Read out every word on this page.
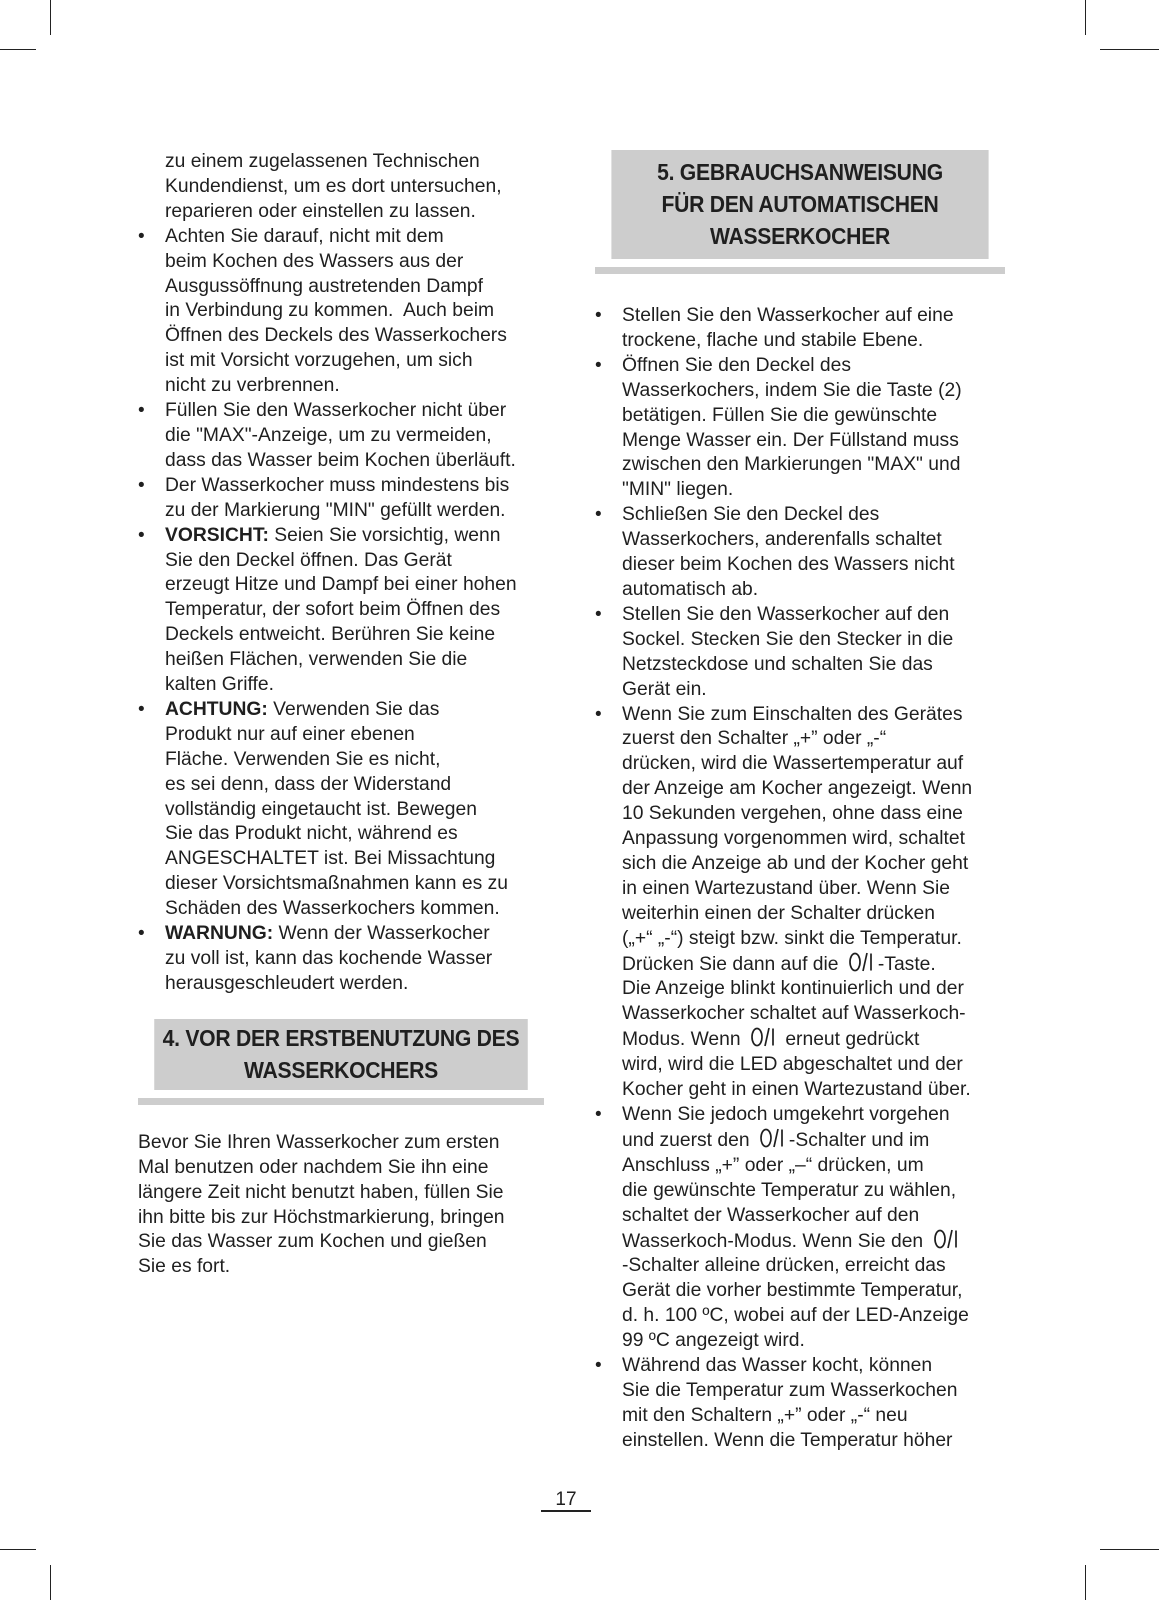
zu einem zugelassenen Technischen
Kundendienst, um es dort untersuchen,
reparieren oder einstellen zu lassen.
• Achten Sie darauf, nicht mit dem
beim Kochen des Wassers aus der
Ausgussöffnung austretenden Dampf
in Verbindung zu kommen.  Auch beim
Öffnen des Deckels des Wasserkochers
ist mit Vorsicht vorzugehen, um sich
nicht zu verbrennen.
• Füllen Sie den Wasserkocher nicht über
die "MAX"-Anzeige, um zu vermeiden,
dass das Wasser beim Kochen überläuft.
• Der Wasserkocher muss mindestens bis
zu der Markierung "MIN" gefüllt werden.
• VORSICHT: Seien Sie vorsichtig, wenn
Sie den Deckel öffnen. Das Gerät
erzeugt Hitze und Dampf bei einer hohen
Temperatur, der sofort beim Öffnen des
Deckels entweicht. Berühren Sie keine
heißen Flächen, verwenden Sie die
kalten Griffe.
• ACHTUNG: Verwenden Sie das
Produkt nur auf einer ebenen
Fläche. Verwenden Sie es nicht,
es sei denn, dass der Widerstand
vollständig eingetaucht ist. Bewegen
Sie das Produkt nicht, während es
ANGESCHALTET ist. Bei Missachtung
dieser Vorsichtsmaßnahmen kann es zu
Schäden des Wasserkochers kommen.
• WARNUNG: Wenn der Wasserkocher
zu voll ist, kann das kochende Wasser
herausgeschleudert werden.
4. VOR DER ERSTBENUTZUNG DES
WASSERKOCHERS

Bevor Sie Ihren Wasserkocher zum ersten
Mal benutzen oder nachdem Sie ihn eine
längere Zeit nicht benutzt haben, füllen Sie
ihn bitte bis zur Höchstmarkierung, bringen
Sie das Wasser zum Kochen und gießen
Sie es fort.

5. GEBRAUCHSANWEISUNG
FÜR DEN AUTOMATISCHEN
WASSERKOCHER
• Stellen Sie den Wasserkocher auf eine
trockene, flache und stabile Ebene.
• Öffnen Sie den Deckel des
Wasserkochers, indem Sie die Taste (2)
betätigen. Füllen Sie die gewünschte
Menge Wasser ein. Der Füllstand muss
zwischen den Markierungen "MAX" und
"MIN" liegen.
• Schließen Sie den Deckel des
Wasserkochers, anderenfalls schaltet
dieser beim Kochen des Wassers nicht
automatisch ab.
• Stellen Sie den Wasserkocher auf den
Sockel. Stecken Sie den Stecker in die
Netzsteckdose und schalten Sie das
Gerät ein.
• Wenn Sie zum Einschalten des Gerätes
zuerst den Schalter „+” oder „-“
drücken, wird die Wassertemperatur auf
der Anzeige am Kocher angezeigt. Wenn
10 Sekunden vergehen, ohne dass eine
Anpassung vorgenommen wird, schaltet
sich die Anzeige ab und der Kocher geht
in einen Wartezustand über. Wenn Sie
weiterhin einen der Schalter drücken
(„+“ „-“) steigt bzw. sinkt die Temperatur.
Drücken Sie dann auf die
-Taste.
Die Anzeige blinkt kontinuierlich und der
Wasserkocher schaltet auf Wasserkoch-
Modus. Wenn
erneut gedrückt
wird, wird die LED abgeschaltet und der
Kocher geht in einen Wartezustand über.
• Wenn Sie jedoch umgekehrt vorgehen
und zuerst den
-Schalter und im
Anschluss „+” oder „–“ drücken, um
die gewünschte Temperatur zu wählen,
schaltet der Wasserkocher auf den
Wasserkoch-Modus. Wenn Sie den
-Schalter alleine drücken, erreicht das
Gerät die vorher bestimmte Temperatur,
d. h. 100 ºC, wobei auf der LED-Anzeige
99 ºC angezeigt wird.
• Während das Wasser kocht, können
Sie die Temperatur zum Wasserkochen
mit den Schaltern „+” oder „-“ neu
einstellen. Wenn die Temperatur höher
17
